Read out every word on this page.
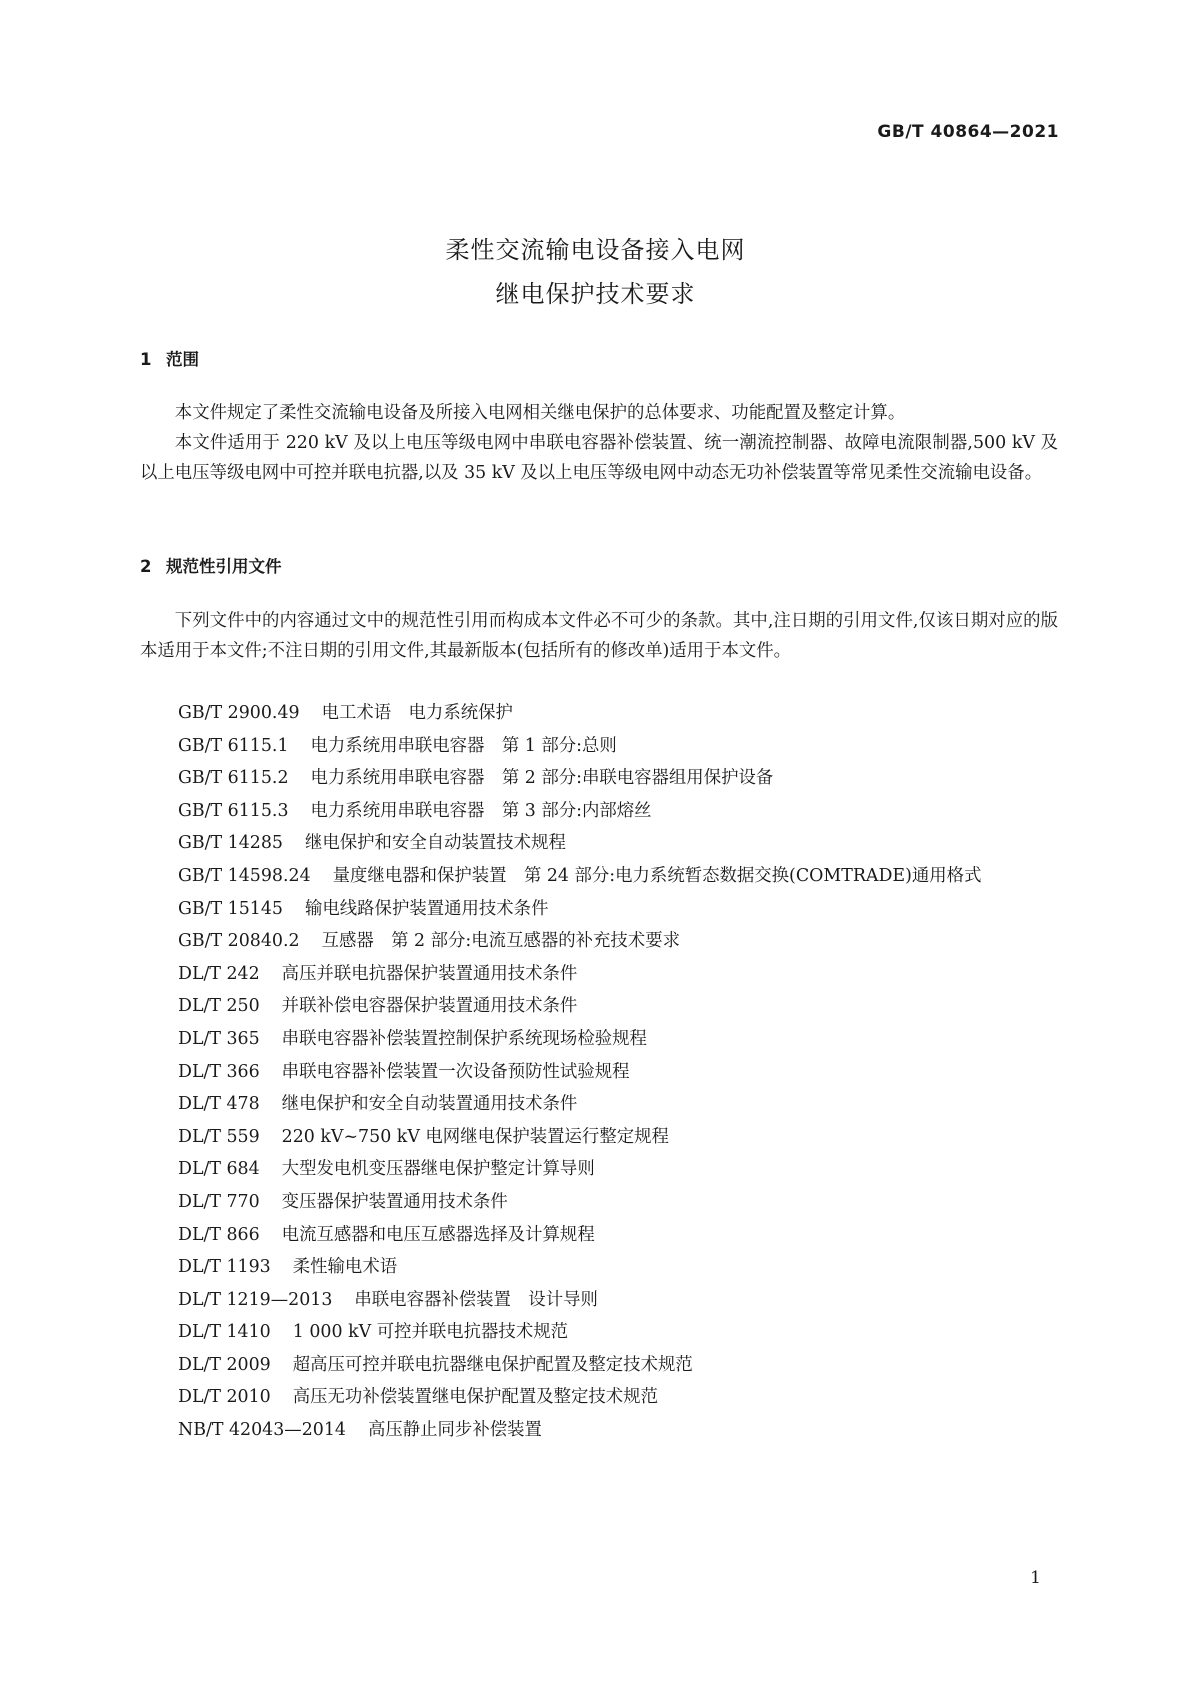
GB/T 40864—2021

柔性交流输电设备接入电网
继电保护技术要求
1 范围

本文件规定了柔性交流输电设备及所接入电网相关继电保护的总体要求、功能配置及整定计算。

本文件适用于 220 kV 及以上电压等级电网中串联电容器补偿装置、统一潮流控制器、故障电流限制器,500 kV 及以上电压等级电网中可控并联电抗器,以及 35 kV 及以上电压等级电网中动态无功补偿装置等常见柔性交流输电设备。

2 规范性引用文件

下列文件中的内容通过文中的规范性引用而构成本文件必不可少的条款。其中,注日期的引用文件,仅该日期对应的版本适用于本文件;不注日期的引用文件,其最新版本(包括所有的修改单)适用于本文件。

GB/T 2900.49 电工术语　电力系统保护

GB/T 6115.1 电力系统用串联电容器　第 1 部分:总则

GB/T 6115.2 电力系统用串联电容器　第 2 部分:串联电容器组用保护设备

GB/T 6115.3 电力系统用串联电容器　第 3 部分:内部熔丝

GB/T 14285 继电保护和安全自动装置技术规程

GB/T 14598.24 量度继电器和保护装置　第 24 部分:电力系统暂态数据交换(COMTRADE)通用格式

GB/T 15145 输电线路保护装置通用技术条件

GB/T 20840.2 互感器　第 2 部分:电流互感器的补充技术要求

DL/T 242 高压并联电抗器保护装置通用技术条件

DL/T 250 并联补偿电容器保护装置通用技术条件

DL/T 365 串联电容器补偿装置控制保护系统现场检验规程

DL/T 366 串联电容器补偿装置一次设备预防性试验规程

DL/T 478 继电保护和安全自动装置通用技术条件

DL/T 559 220 kV~750 kV 电网继电保护装置运行整定规程

DL/T 684 大型发电机变压器继电保护整定计算导则

DL/T 770 变压器保护装置通用技术条件

DL/T 866 电流互感器和电压互感器选择及计算规程

DL/T 1193 柔性输电术语

DL/T 1219—2013 串联电容器补偿装置　设计导则

DL/T 1410 1 000 kV 可控并联电抗器技术规范

DL/T 2009 超高压可控并联电抗器继电保护配置及整定技术规范

DL/T 2010 高压无功补偿装置继电保护配置及整定技术规范

NB/T 42043—2014 高压静止同步补偿装置

1
